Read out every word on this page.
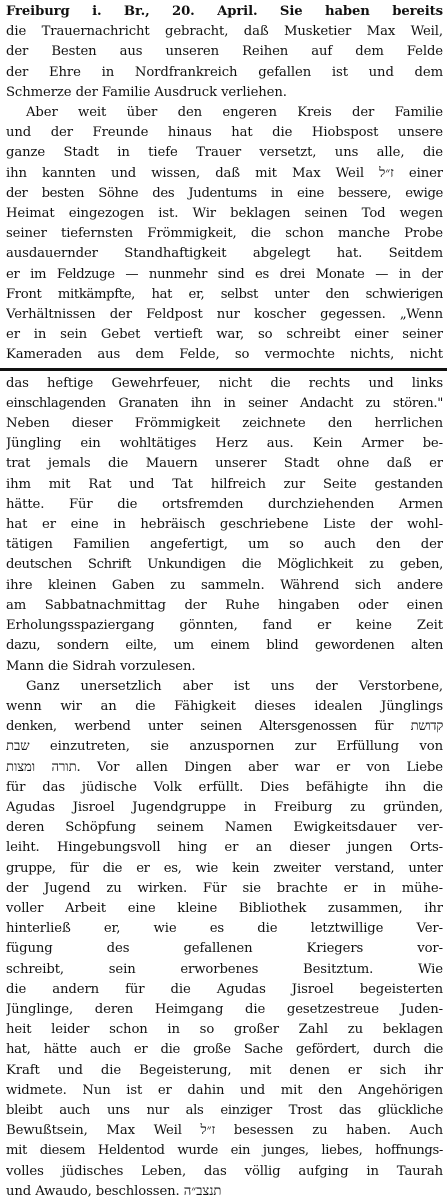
Freiburg i. Br., 20. April. Sie haben bereits
die Trauernachricht gebracht, daß Musketier Max Weil,
der Besten aus unseren Reihen auf dem Felde
der Ehre in Nordfrankreich gefallen ist und dem
Schmerze der Familie Ausdruck verliehen.
Aber weit über den engeren Kreis der Familie
und der Freunde hinaus hat die Hiobspost unsere
ganze Stadt in tiefe Trauer versetzt, uns alle, die
ihn kannten und wissen, daß mit Max Weil ז״ל einer
der besten Söhne des Judentums in eine bessere, ewige
Heimat eingezogen ist. Wir beklagen seinen Tod wegen
seiner tiefernsten Frömmigkeit, die schon manche Probe
ausdauernder Standhaftigkeit abgelegt hat. Seitdem
er im Feldzuge — nunmehr sind es drei Monate — in der
Front mitkämpfte, hat er, selbst unter den schwierigen
Verhältnissen der Feldpost nur koscher gegessen. „Wenn
er in sein Gebet vertieft war, so schreibt einer seiner
Kameraden aus dem Felde, so vermochte nichts, nicht
das heftige Gewehrfeuer, nicht die rechts und links
einschlagenden Granaten ihn in seiner Andacht zu stören."
Neben dieser Frömmigkeit zeichnete den herrlichen
Jüngling ein wohltätiges Herz aus. Kein Armer be-
trat jemals die Mauern unserer Stadt ohne daß er
ihm mit Rat und Tat hilfreich zur Seite gestanden
hätte. Für die ortsfremden durchziehenden Armen
hat er eine in hebräisch geschriebene Liste der wohl-
tätigen Familien angefertigt, um so auch den der
deutschen Schrift Unkundigen die Möglichkeit zu geben,
ihre kleinen Gaben zu sammeln. Während sich andere
am Sabbatnachmittag der Ruhe hingaben oder einen
Erholungsspaziergang gönnten, fand er keine Zeit
dazu, sondern eilte, um einem blind gewordenen alten
Mann die Sidrah vorzulesen.
Ganz unersetzlich aber ist uns der Verstorbene,
wenn wir an die Fähigkeit dieses idealen Jünglings
denken, werbend unter seinen Altersgenossen für קדושת
שבת einzutreten, sie anzuspornen zur Erfüllung von
תורה ומצות. Vor allen Dingen aber war er von Liebe
für das jüdische Volk erfüllt. Dies befähigte ihn die
Agudas Jisroel Jugendgruppe in Freiburg zu gründen,
deren Schöpfung seinem Namen Ewigkeitsdauer ver-
leiht. Hingebungsvoll hing er an dieser jungen Orts-
gruppe, für die er es, wie kein zweiter verstand, unter
der Jugend zu wirken. Für sie brachte er in mühe-
voller Arbeit eine kleine Bibliothek zusammen, ihr
hinterließ er, wie es die letztwillige Ver-
fügung des gefallenen Kriegers vor-
schreibt, sein erworbenes Besitztum. Wie
die andern für die Agudas Jisroel begeisterten
Jünglinge, deren Heimgang die gesetzestreue Juden-
heit leider schon in so großer Zahl zu beklagen
hat, hätte auch er die große Sache gefördert, durch die
Kraft und die Begeisterung, mit denen er sich ihr
widmete. Nun ist er dahin und mit den Angehörigen
bleibt auch uns nur als einziger Trost das glückliche
Bewußtsein, Max Weil ז״ל besessen zu haben. Auch
mit diesem Heldentod wurde ein junges, liebes, hoffnungs-
volles jüdisches Leben, das völlig aufging in Taurah
und Awaudo, beschlossen. תנצב״ה
